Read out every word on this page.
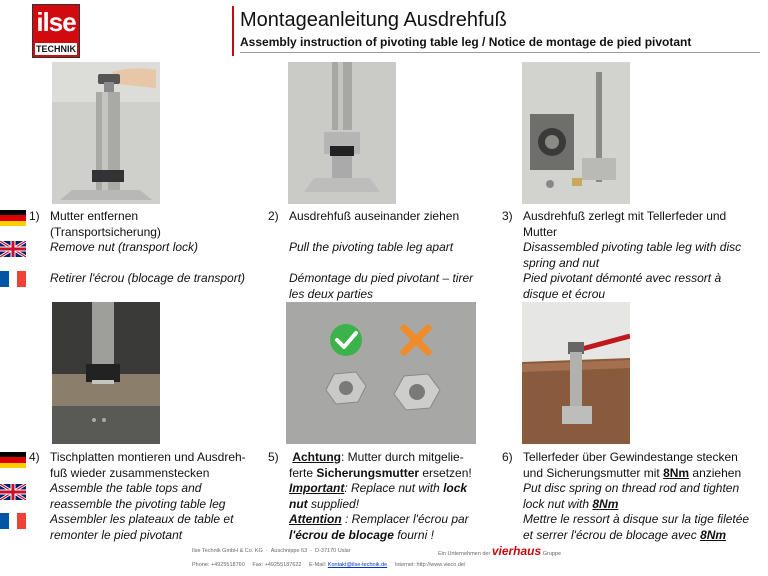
ilse
TECHNIK
Montageanleitung Ausdrehfuß
Assembly instruction of pivoting table leg / Notice de montage de pied pivotant
1) Mutter entfernen
(Transportsicherung)
Remove nut (transport lock)

Retirer l'écrou (blocage de transport)
2) Ausdrehfuß auseinander ziehen

Pull the pivoting table leg apart

Démontage du pied pivotant – tirer
les deux parties
3) Ausdrehfuß zerlegt mit Tellerfeder und
Mutter
Disassembled pivoting table leg with disc
spring and nut
Pied pivotant démonté avec ressort à
disque et écrou
4) Tischplatten montieren und Ausdreh-
fuß wieder zusammenstecken
Assemble the table tops and
reassemble the pivoting table leg
Assembler les plateaux de table et
remonter le pied pivotant
5) Achtung: Mutter durch mitgelie-
ferte Sicherungsmutter ersetzen!
Important: Replace nut with lock
nut supplied!
Attention : Remplacer l'écrou par
l'écrou de blocage fourni !
6) Tellerfeder über Gewindestange stecken
und Sicherungsmutter mit 8Nm anziehen
Put disc spring on thread rod and tighten
lock nut with 8Nm
Mettre le ressort à disque sur la tige filetée
et serrer l'écrou de blocage avec 8Nm
Ilse Technik GmbH & Co. KG  ·  Auschnippe 63  ·  D-37170 Uslar	Ein Unternehmen der vierhaus Gruppe
Phone: +4925518760 Fax: +49255187622 E-Mail: Kontakt@ilse-technik.de Internet: http://www.vieco.de/
